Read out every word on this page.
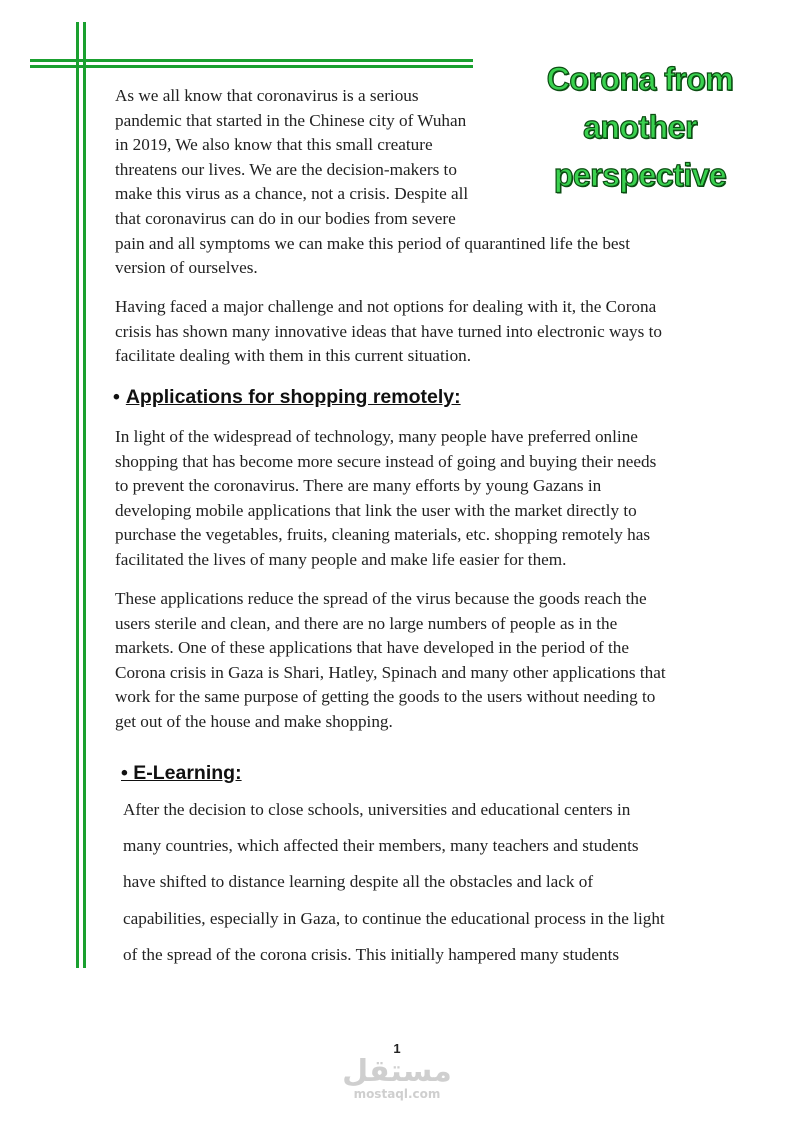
Corona from
another
perspective
As we all know that coronavirus is a serious
pandemic that started in the Chinese city of Wuhan
in 2019, We also know that this small creature
threatens our lives. We are the decision-makers to
make this virus as a chance, not a crisis. Despite all
that coronavirus can do in our bodies from severe
pain and all symptoms we can make this period of quarantined life the best
version of ourselves.
Having faced a major challenge and not options for dealing with it, the Corona
crisis has shown many innovative ideas that have turned into electronic ways to
facilitate dealing with them in this current situation.
• Applications for shopping remotely:
In light of the widespread of technology, many people have preferred online
shopping that has become more secure instead of going and buying their needs
to prevent the coronavirus. There are many efforts by young Gazans in
developing mobile applications that link the user with the market directly to
purchase the vegetables, fruits, cleaning materials, etc. shopping remotely has
facilitated the lives of many people and make life easier for them.
These applications reduce the spread of the virus because the goods reach the
users sterile and clean, and there are no large numbers of people as in the
markets. One of these applications that have developed in the period of the
Corona crisis in Gaza is Shari, Hatley, Spinach and many other applications that
work for the same purpose of getting the goods to the users without needing to
get out of the house and make shopping.
• E-Learning:
After the decision to close schools, universities and educational centers in
many countries, which affected their members, many teachers and students
have shifted to distance learning despite all the obstacles and lack of
capabilities, especially in Gaza, to continue the educational process in the light
of the spread of the corona crisis. This initially hampered many students
1
مستقل
mostaql.com
